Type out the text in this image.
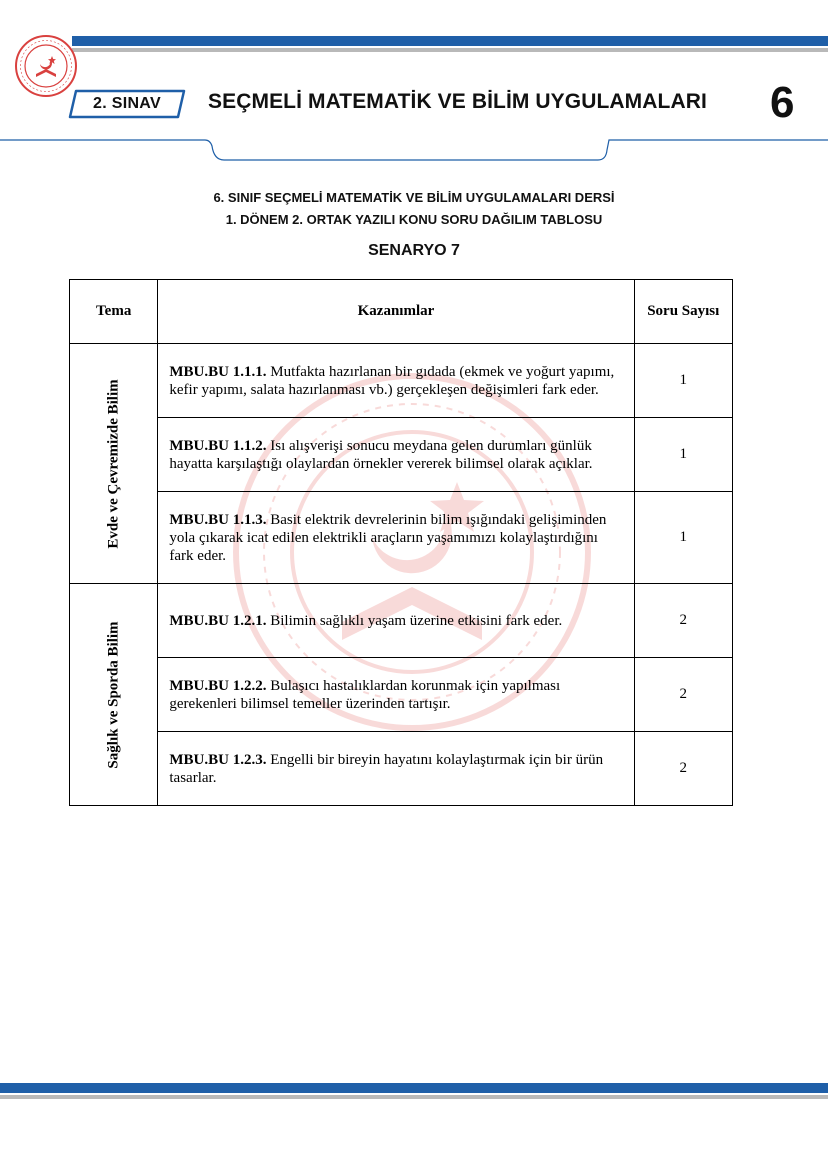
2. SINAV SEÇMELİ MATEMATİK VE BİLİM UYGULAMALARI 6
6. SINIF SEÇMELİ MATEMATİK VE BİLİM UYGULAMALARI DERSİ
1. DÖNEM 2. ORTAK YAZILI KONU SORU DAĞILIM TABLOSU
SENARYO 7
Tema	Kazanımlar	Soru Sayısı

Evde ve Çevremizde Bilim	MBU.BU 1.1.1. Mutfakta hazırlanan bir gıdada (ekmek ve yoğurt yapımı, kefir yapımı, salata hazırlanması vb.) gerçekleşen değişimleri fark eder.	1
	MBU.BU 1.1.2. Isı alışverişi sonucu meydana gelen durumları günlük hayatta karşılaştığı olaylardan örnekler vererek bilimsel olarak açıklar.	1
	MBU.BU 1.1.3. Basit elektrik devrelerinin bilim ışığındaki gelişiminden yola çıkarak icat edilen elektrikli araçların yaşamımızı kolaylaştırdığını fark eder.	1

Sağlık ve Sporda Bilim	MBU.BU 1.2.1. Bilimin sağlıklı yaşam üzerine etkisini fark eder.	2
	MBU.BU 1.2.2. Bulaşıcı hastalıklardan korunmak için yapılması gerekenleri bilimsel temeller üzerinden tartışır.	2
	MBU.BU 1.2.3. Engelli bir bireyin hayatını kolaylaştırmak için bir ürün tasarlar.	2
